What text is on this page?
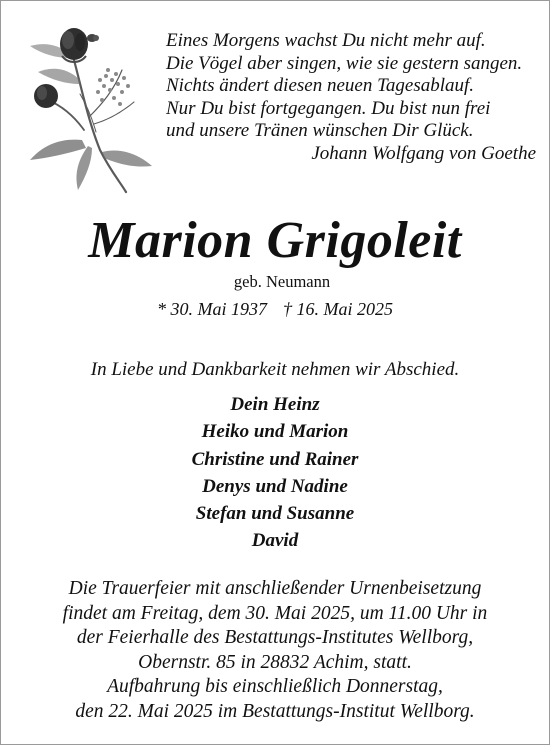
Eines Morgens wachst Du nicht mehr auf.
Die Vögel aber singen, wie sie gestern sangen.
Nichts ändert diesen neuen Tagesablauf.
Nur Du bist fortgegangen. Du bist nun frei
und unsere Tränen wünschen Dir Glück.
Johann Wolfgang von Goethe
Marion Grigoleit
geb. Neumann
* 30. Mai 1937 † 16. Mai 2025
In Liebe und Dankbarkeit nehmen wir Abschied.
Dein Heinz
Heiko und Marion
Christine und Rainer
Denys und Nadine
Stefan und Susanne
David
Die Trauerfeier mit anschließender Urnenbeisetzung
findet am Freitag, dem 30. Mai 2025, um 11.00 Uhr in
der Feierhalle des Bestattungs-Institutes Wellborg,
Obernstr. 85 in 28832 Achim, statt.
Aufbahrung bis einschließlich Donnerstag,
den 22. Mai 2025 im Bestattungs-Institut Wellborg.
